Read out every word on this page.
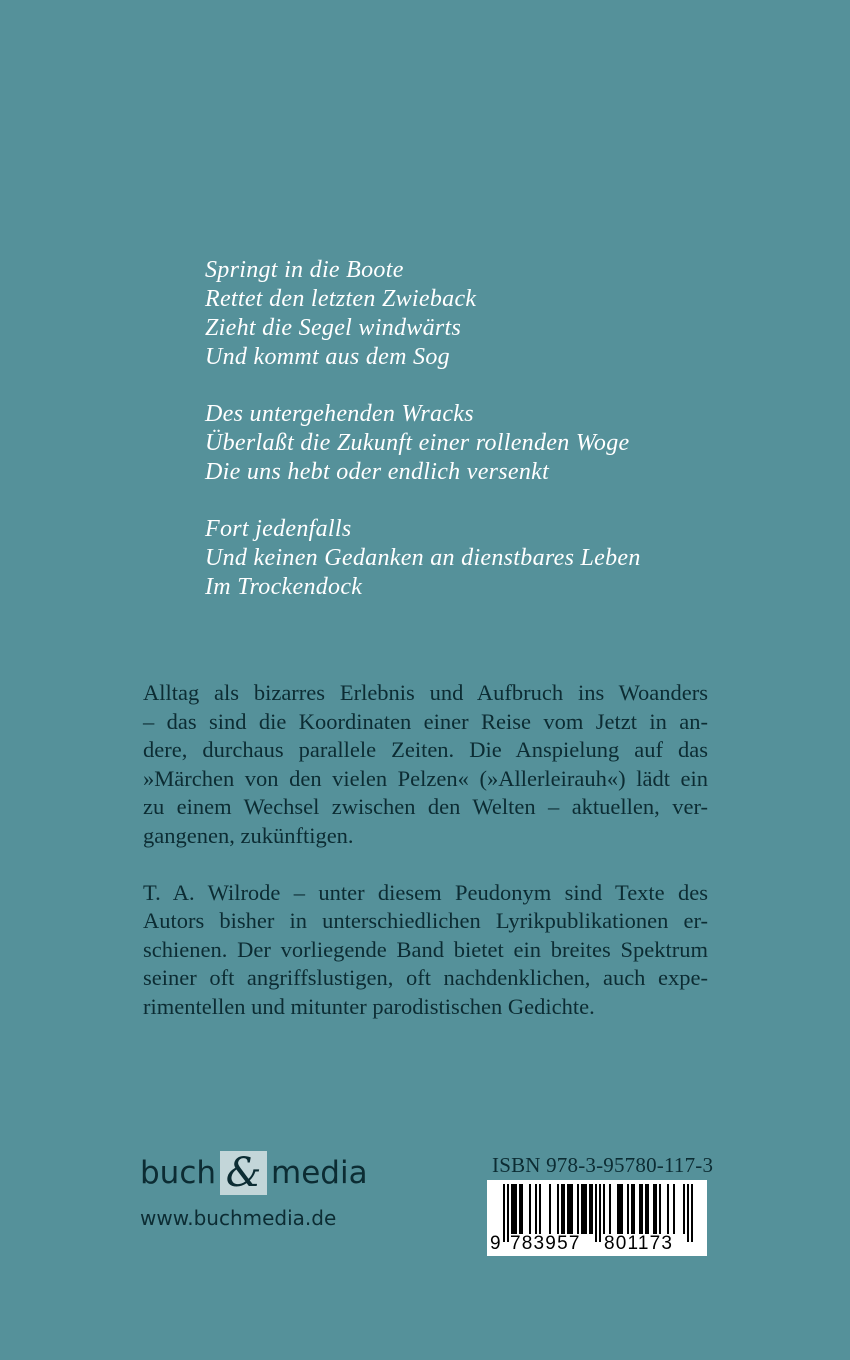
Springt in die Boote
Rettet den letzten Zwieback
Zieht die Segel windwärts
Und kommt aus dem Sog
Des untergehenden Wracks
Überlaßt die Zukunft einer rollenden Woge
Die uns hebt oder endlich versenkt
Fort jedenfalls
Und keinen Gedanken an dienstbares Leben
Im Trockendock

Alltag als bizarres Erlebnis und Aufbruch ins Woanders
– das sind die Koordinaten einer Reise vom Jetzt in an-
dere, durchaus parallele Zeiten. Die Anspielung auf das
»Märchen von den vielen Pelzen« (»Allerleirauh«) lädt ein
zu einem Wechsel zwischen den Welten – aktuellen, ver-
gangenen, zukünftigen.

T. A. Wilrode – unter diesem Peudonym sind Texte des
Autors bisher in unterschiedlichen Lyrikpublikationen er-
schienen. Der vorliegende Band bietet ein breites Spektrum
seiner oft angriffslustigen, oft nachdenklichen, auch expe-
rimentellen und mitunter parodistischen Gedichte.

buch & media
www.buchmedia.de
ISBN 978-3-95780-117-3
9 783957 801173
